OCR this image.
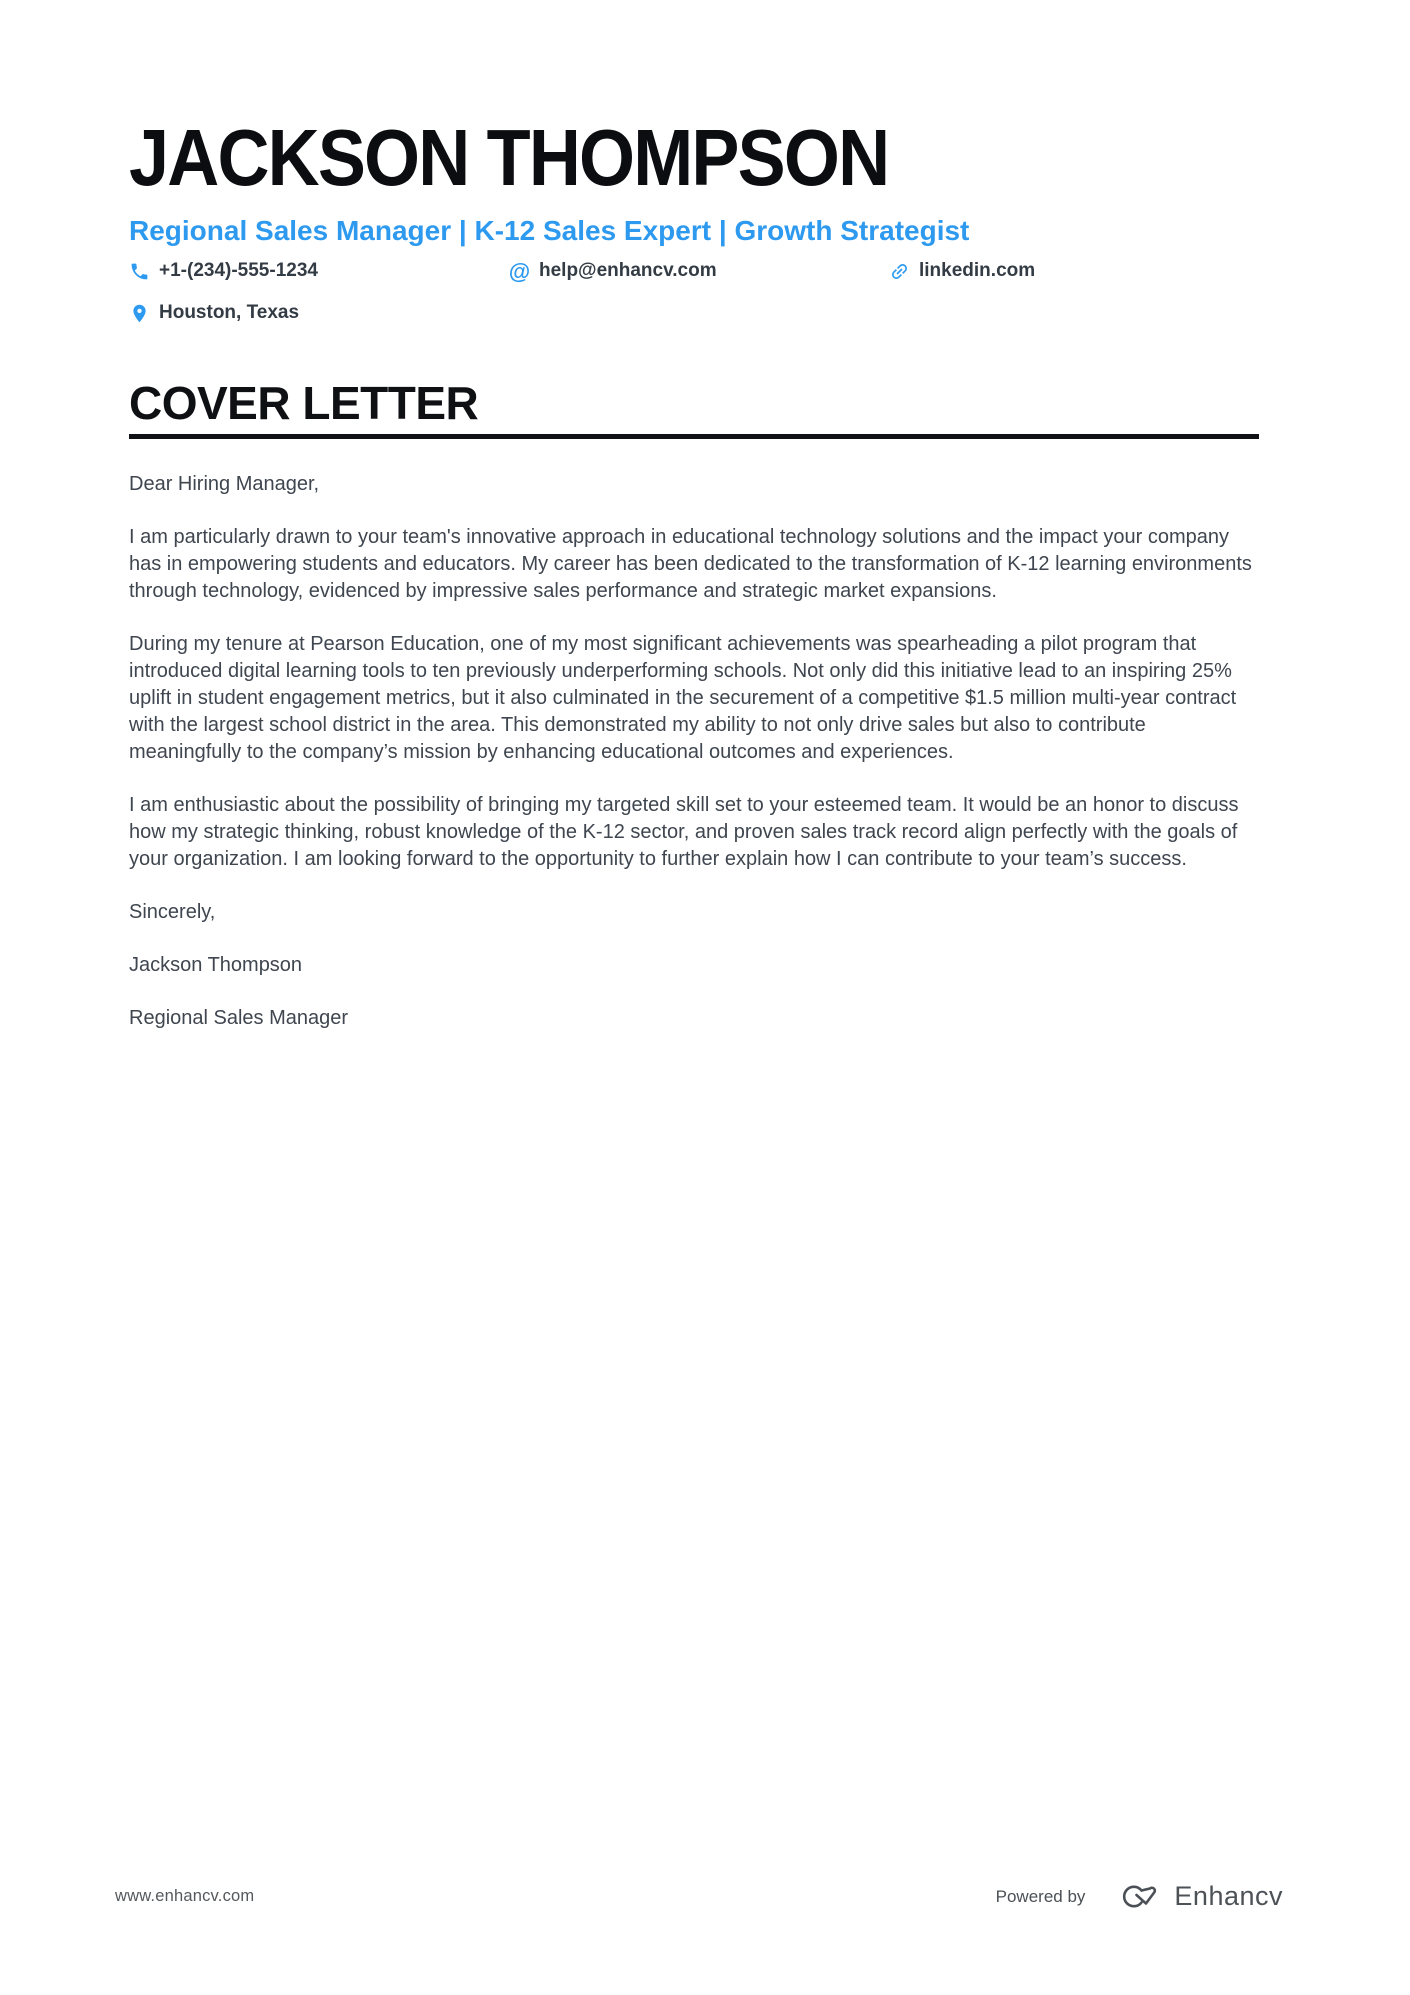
JACKSON THOMPSON
Regional Sales Manager | K-12 Sales Expert | Growth Strategist
+1-(234)-555-1234	@ help@enhancv.com	linkedin.com
Houston, Texas
COVER LETTER

Dear Hiring Manager,

I am particularly drawn to your team's innovative approach in educational technology solutions and the impact your company has in empowering students and educators. My career has been dedicated to the transformation of K-12 learning environments through technology, evidenced by impressive sales performance and strategic market expansions.

During my tenure at Pearson Education, one of my most significant achievements was spearheading a pilot program that introduced digital learning tools to ten previously underperforming schools. Not only did this initiative lead to an inspiring 25% uplift in student engagement metrics, but it also culminated in the securement of a competitive $1.5 million multi-year contract with the largest school district in the area. This demonstrated my ability to not only drive sales but also to contribute meaningfully to the company’s mission by enhancing educational outcomes and experiences.

I am enthusiastic about the possibility of bringing my targeted skill set to your esteemed team. It would be an honor to discuss how my strategic thinking, robust knowledge of the K-12 sector, and proven sales track record align perfectly with the goals of your organization. I am looking forward to the opportunity to further explain how I can contribute to your team’s success.

Sincerely,

Jackson Thompson

Regional Sales Manager

www.enhancv.com	Powered by	Enhancv
